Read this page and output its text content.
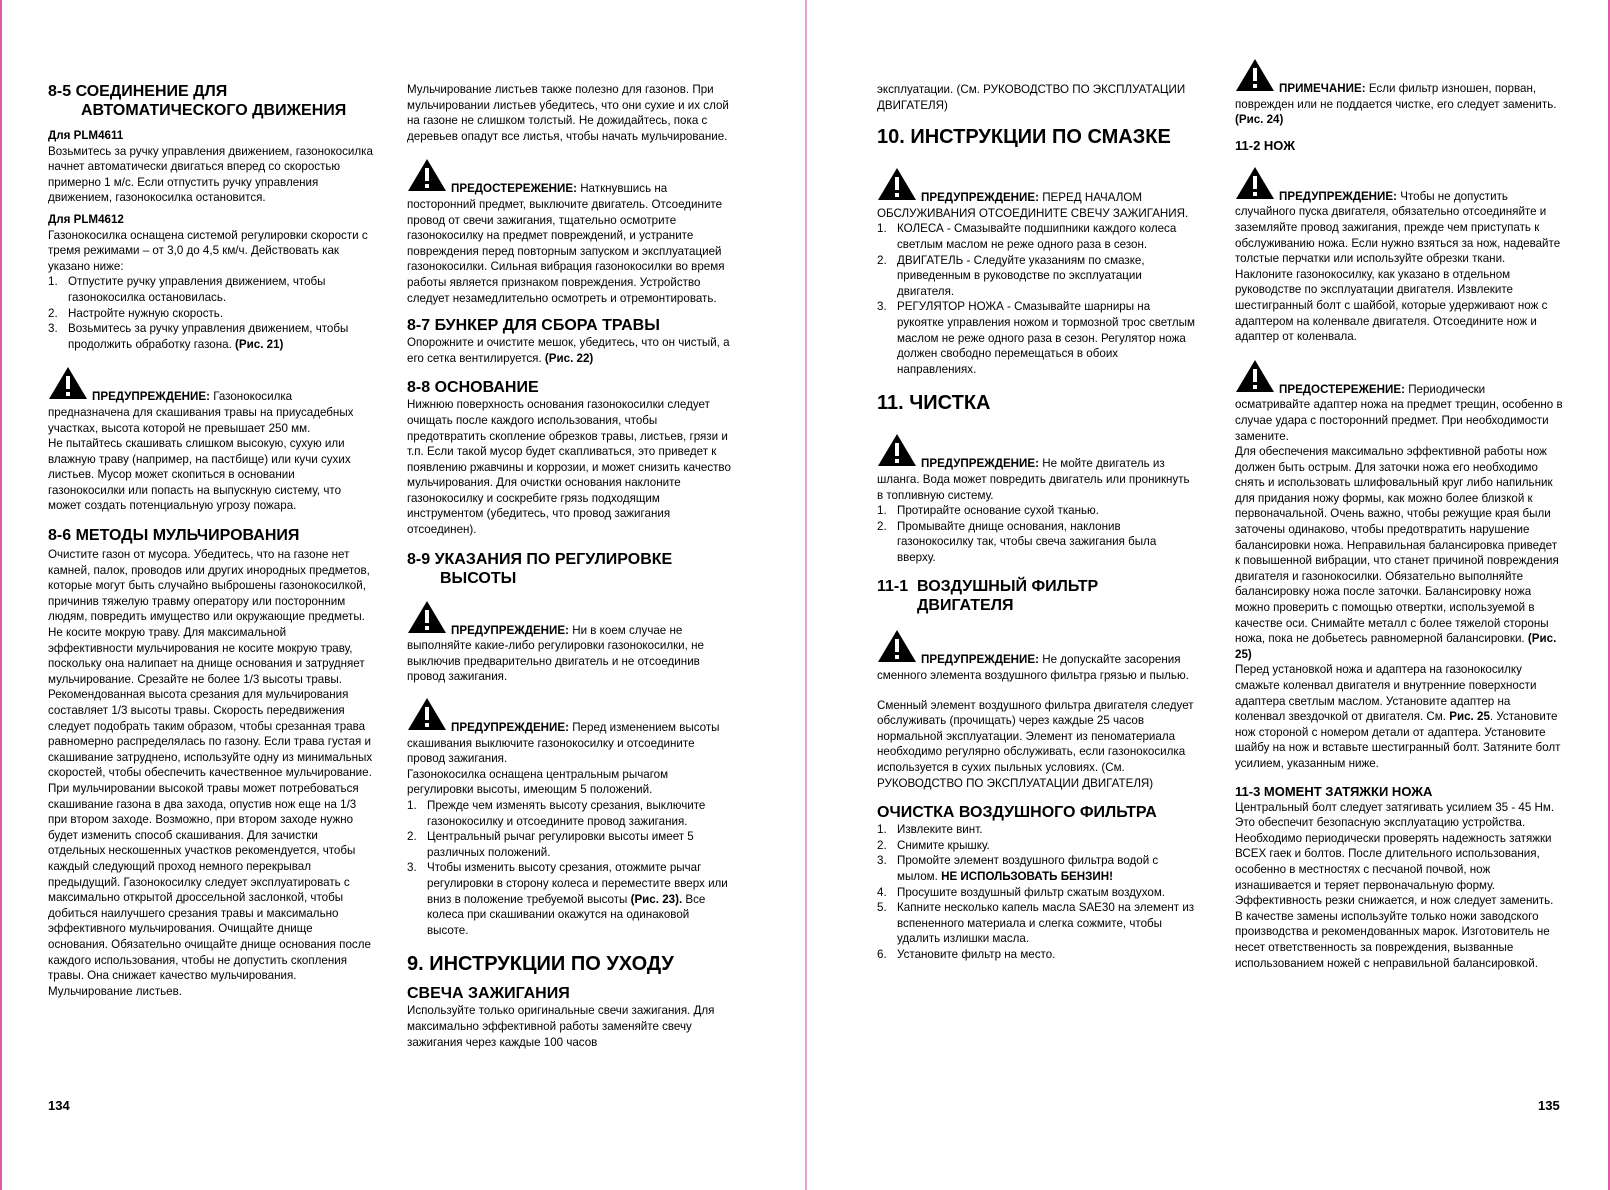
8-5 СОЕДИНЕНИЕ ДЛЯ
АВТОМАТИЧЕСКОГО ДВИЖЕНИЯ

Для PLM4611

Возьмитесь за ручку управления движением, газонокосилка начнет автоматически двигаться вперед со скоростью примерно 1 м/с. Если отпустить ручку управления движением, газонокосилка остановится.

Для PLM4612

Газонокосилка оснащена системой регулировки скорости с тремя режимами – от 3,0 до 4,5 км/ч. Действовать как указано ниже:

1. Отпустите ручку управления движением, чтобы газонокосилка остановилась.
2. Настройте нужную скорость.
3. Возьмитесь за ручку управления движением, чтобы продолжить обработку газона. (Рис. 21)

ПРЕДУПРЕЖДЕНИЕ: Газонокосилка предназначена для скашивания травы на приусадебных участках, высота которой не превышает 250 мм.

Не пытайтесь скашивать слишком высокую, сухую или влажную траву (например, на пастбище) или кучи сухих листьев. Мусор может скопиться в основании газонокосилки или попасть на выпускную систему, что может создать потенциальную угрозу пожара.

8-6 МЕТОДЫ МУЛЬЧИРОВАНИЯ

Очистите газон от мусора. Убедитесь, что на газоне нет камней, палок, проводов или других инородных предметов, которые могут быть случайно выброшены газонокосилкой, причинив тяжелую травму оператору или посторонним людям, повредить имущество или окружающие предметы. Не косите мокрую траву. Для максимальной эффективности мульчирования не косите мокрую траву, поскольку она налипает на днище основания и затрудняет мульчирование. Срезайте не более 1/3 высоты травы. Рекомендованная высота срезания для мульчирования составляет 1/3 высоты травы. Скорость передвижения следует подобрать таким образом, чтобы срезанная трава равномерно распределялась по газону. Если трава густая и скашивание затруднено, используйте одну из минимальных скоростей, чтобы обеспечить качественное мульчирование. При мульчировании высокой травы может потребоваться скашивание газона в два захода, опустив нож еще на 1/3 при втором заходе. Возможно, при втором заходе нужно будет изменить способ скашивания. Для зачистки отдельных нескошенных участков рекомендуется, чтобы каждый следующий проход немного перекрывал предыдущий. Газонокосилку следует эксплуатировать с максимально открытой дроссельной заслонкой, чтобы добиться наилучшего срезания травы и максимально эффективного мульчирования. Очищайте днище основания. Обязательно очищайте днище основания после каждого использования, чтобы не допустить скопления травы. Она снижает качество мульчирования. Мульчирование листьев.

Мульчирование листьев также полезно для газонов. При мульчировании листьев убедитесь, что они сухие и их слой на газоне не слишком толстый. Не дожидайтесь, пока с деревьев опадут все листья, чтобы начать мульчирование.

ПРЕДОСТЕРЕЖЕНИЕ: Наткнувшись на посторонний предмет, выключите двигатель. Отсоедините провод от свечи зажигания, тщательно осмотрите газонокосилку на предмет повреждений, и устраните повреждения перед повторным запуском и эксплуатацией газонокосилки. Сильная вибрация газонокосилки во время работы является признаком повреждения. Устройство следует незамедлительно осмотреть и отремонтировать.

8-7 БУНКЕР ДЛЯ СБОРА ТРАВЫ

Опорожните и очистите мешок, убедитесь, что он чистый, а его сетка вентилируется. (Рис. 22)

8-8 ОСНОВАНИЕ

Нижнюю поверхность основания газонокосилки следует очищать после каждого использования, чтобы предотвратить скопление обрезков травы, листьев, грязи и т.п. Если такой мусор будет скапливаться, это приведет к появлению ржавчины и коррозии, и может снизить качество мульчирования. Для очистки основания наклоните газонокосилку и соскребите грязь подходящим инструментом (убедитесь, что провод зажигания отсоединен).

8-9 УКАЗАНИЯ ПО РЕГУЛИРОВКЕ
ВЫСОТЫ

ПРЕДУПРЕЖДЕНИЕ: Ни в коем случае не выполняйте какие-либо регулировки газонокосилки, не выключив предварительно двигатель и не отсоединив провод зажигания.

ПРЕДУПРЕЖДЕНИЕ: Перед изменением высоты скашивания выключите газонокосилку и отсоедините провод зажигания.

Газонокосилка оснащена центральным рычагом регулировки высоты, имеющим 5 положений.

1. Прежде чем изменять высоту срезания, выключите газонокосилку и отсоедините провод зажигания.
2. Центральный рычаг регулировки высоты имеет 5 различных положений.
3. Чтобы изменить высоту срезания, отожмите рычаг регулировки в сторону колеса и переместите вверх или вниз в положение требуемой высоты (Рис. 23). Все колеса при скашивании окажутся на одинаковой высоте.
9. ИНСТРУКЦИИ ПО УХОДУ
СВЕЧА ЗАЖИГАНИЯ

Используйте только оригинальные свечи зажигания. Для максимально эффективной работы заменяйте свечу зажигания через каждые 100 часов

эксплуатации. (См. РУКОВОДСТВО ПО ЭКСПЛУАТАЦИИ ДВИГАТЕЛЯ)

10. ИНСТРУКЦИИ ПО СМАЗКЕ

ПРЕДУПРЕЖДЕНИЕ: ПЕРЕД НАЧАЛОМ ОБСЛУЖИВАНИЯ ОТСОЕДИНИТЕ СВЕЧУ ЗАЖИГАНИЯ.

1. КОЛЕСА - Смазывайте подшипники каждого колеса светлым маслом не реже одного раза в сезон.
2. ДВИГАТЕЛЬ - Следуйте указаниям по смазке, приведенным в руководстве по эксплуатации двигателя.
3. РЕГУЛЯТОР НОЖА - Смазывайте шарниры на рукоятке управления ножом и тормозной трос светлым маслом не реже одного раза в сезон. Регулятор ножа должен свободно перемещаться в обоих направлениях.
11. ЧИСТКА

ПРЕДУПРЕЖДЕНИЕ: Не мойте двигатель из шланга. Вода может повредить двигатель или проникнуть в топливную систему.

1. Протирайте основание сухой тканью.
2. Промывайте днище основания, наклонив газонокосилку так, чтобы свеча зажигания была вверху.
11-1 ВОЗДУШНЫЙ ФИЛЬТР
ДВИГАТЕЛЯ

ПРЕДУПРЕЖДЕНИЕ: Не допускайте засорения сменного элемента воздушного фильтра грязью и пылью.

Сменный элемент воздушного фильтра двигателя следует обслуживать (прочищать) через каждые 25 часов нормальной эксплуатации. Элемент из пеноматериала необходимо регулярно обслуживать, если газонокосилка используется в сухих пыльных условиях. (См. РУКОВОДСТВО ПО ЭКСПЛУАТАЦИИ ДВИГАТЕЛЯ)

ОЧИСТКА ВОЗДУШНОГО ФИЛЬТРА
1. Извлеките винт.
2. Снимите крышку.
3. Промойте элемент воздушного фильтра водой с мылом. НЕ ИСПОЛЬЗОВАТЬ БЕНЗИН!
4. Просушите воздушный фильтр сжатым воздухом.
5. Капните несколько капель масла SAE30 на элемент из вспененного материала и слегка сожмите, чтобы удалить излишки масла.
6. Установите фильтр на место.

ПРИМЕЧАНИЕ: Если фильтр изношен, порван, поврежден или не поддается чистке, его следует заменить. (Рис. 24)

11-2 НОЖ

ПРЕДУПРЕЖДЕНИЕ: Чтобы не допустить случайного пуска двигателя, обязательно отсоединяйте и заземляйте провод зажигания, прежде чем приступать к обслуживанию ножа. Если нужно взяться за нож, надевайте толстые перчатки или используйте обрезки ткани.

Наклоните газонокосилку, как указано в отдельном руководстве по эксплуатации двигателя. Извлеките шестигранный болт с шайбой, которые удерживают нож с адаптером на коленвале двигателя. Отсоедините нож и адаптер от коленвала.

ПРЕДОСТЕРЕЖЕНИЕ: Периодически осматривайте адаптер ножа на предмет трещин, особенно в случае удара с посторонний предмет. При необходимости замените.

Для обеспечения максимально эффективной работы нож должен быть острым. Для заточки ножа его необходимо снять и использовать шлифовальный круг либо напильник для придания ножу формы, как можно более близкой к первоначальной. Очень важно, чтобы режущие края были заточены одинаково, чтобы предотвратить нарушение балансировки ножа. Неправильная балансировка приведет к повышенной вибрации, что станет причиной повреждения двигателя и газонокосилки. Обязательно выполняйте балансировку ножа после заточки. Балансировку ножа можно проверить с помощью отвертки, используемой в качестве оси. Снимайте металл с более тяжелой стороны ножа, пока не добьетесь равномерной балансировки. (Рис. 25)

Перед установкой ножа и адаптера на газонокосилку смажьте коленвал двигателя и внутренние поверхности адаптера светлым маслом. Установите адаптер на коленвал звездочкой от двигателя. См. Рис. 25. Установите нож стороной с номером детали от адаптера. Установите шайбу на нож и вставьте шестигранный болт. Затяните болт усилием, указанным ниже.

11-3 МОМЕНТ ЗАТЯЖКИ НОЖА

Центральный болт следует затягивать усилием 35 - 45 Нм. Это обеспечит безопасную эксплуатацию устройства. Необходимо периодически проверять надежность затяжки ВСЕХ гаек и болтов. После длительного использования, особенно в местностях с песчаной почвой, нож изнашивается и теряет первоначальную форму. Эффективность резки снижается, и нож следует заменить.

В качестве замены используйте только ножи заводского производства и рекомендованных марок. Изготовитель не несет ответственность за повреждения, вызванные использованием ножей с неправильной балансировкой.

134	135
